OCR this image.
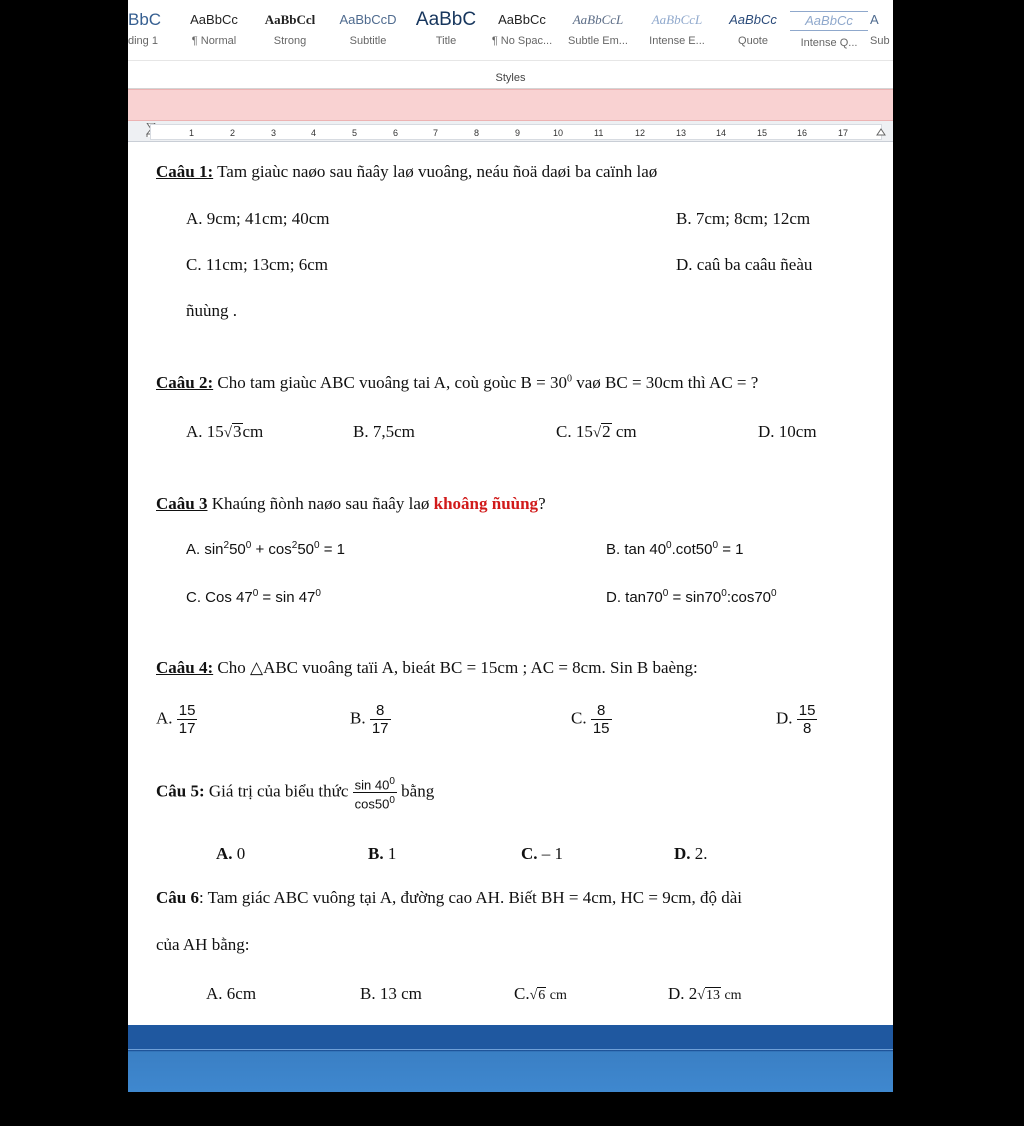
BbC
ding 1
AaBbCc
¶ Normal
AaBbCcl
Strong
AaBbCcD
Subtitle
AaBbC
Title
AaBbCc
¶ No Spac...
AaBbCcL
Subtle Em...
AaBbCcL
Intense E...
AaBbCc
Quote
AaBbCc
Intense Q...
A
Sub
Styles
1	2	3	4	5	6	7	8	9	10	11	12	13	14	15	16	17
Caâu 1: Tam giaùc naøo sau ñaây laø vuoâng, neáu ñoä daøi ba caïnh laø
A. 9cm; 41cm; 40cm	B. 7cm; 8cm; 12cm
C. 11cm; 13cm; 6cm	D. caû ba caâu ñeàu
ñuùng .
Caâu 2: Cho tam giaùc ABC vuoâng tai A, coù goùc $B = 30^0$ vaø BC = 30cm thì AC = ?
A. 15√3cm	B. 7,5cm	C. 15√2 cm	D. 10cm
Caâu 3 Khaúng ñònh naøo sau ñaây laø khoâng ñuùng?
A. $\sin^250^0 + \cos^250^0 = 1$	B. $\tan 40^0.\cot 50^0 = 1$
C. Cos $47^0 = \sin 47^0$	D. $\tan 70^0$ = $\sin 70^0:\cos 70^0$
Caâu 4: Cho △ABC vuoâng taïi A, bieát BC = 15cm ; AC = 8cm. Sin B baèng:
A. $\frac{15}{17}$	B. $\frac{8}{17}$	C. $\frac{8}{15}$	D. $\frac{15}{8}$
Câu 5: Giá trị của biểu thức $\frac{\sin 40^0}{\cos 50^0}$ bằng
A. 0	B. 1	C. – 1	D. 2.
Câu 6: Tam giác ABC vuông tại A, đường cao AH. Biết BH = 4cm, HC = 9cm, độ dài
của AH bằng:
A. 6cm	B. 13 cm	C.√6 cm	D. 2√13 cm
